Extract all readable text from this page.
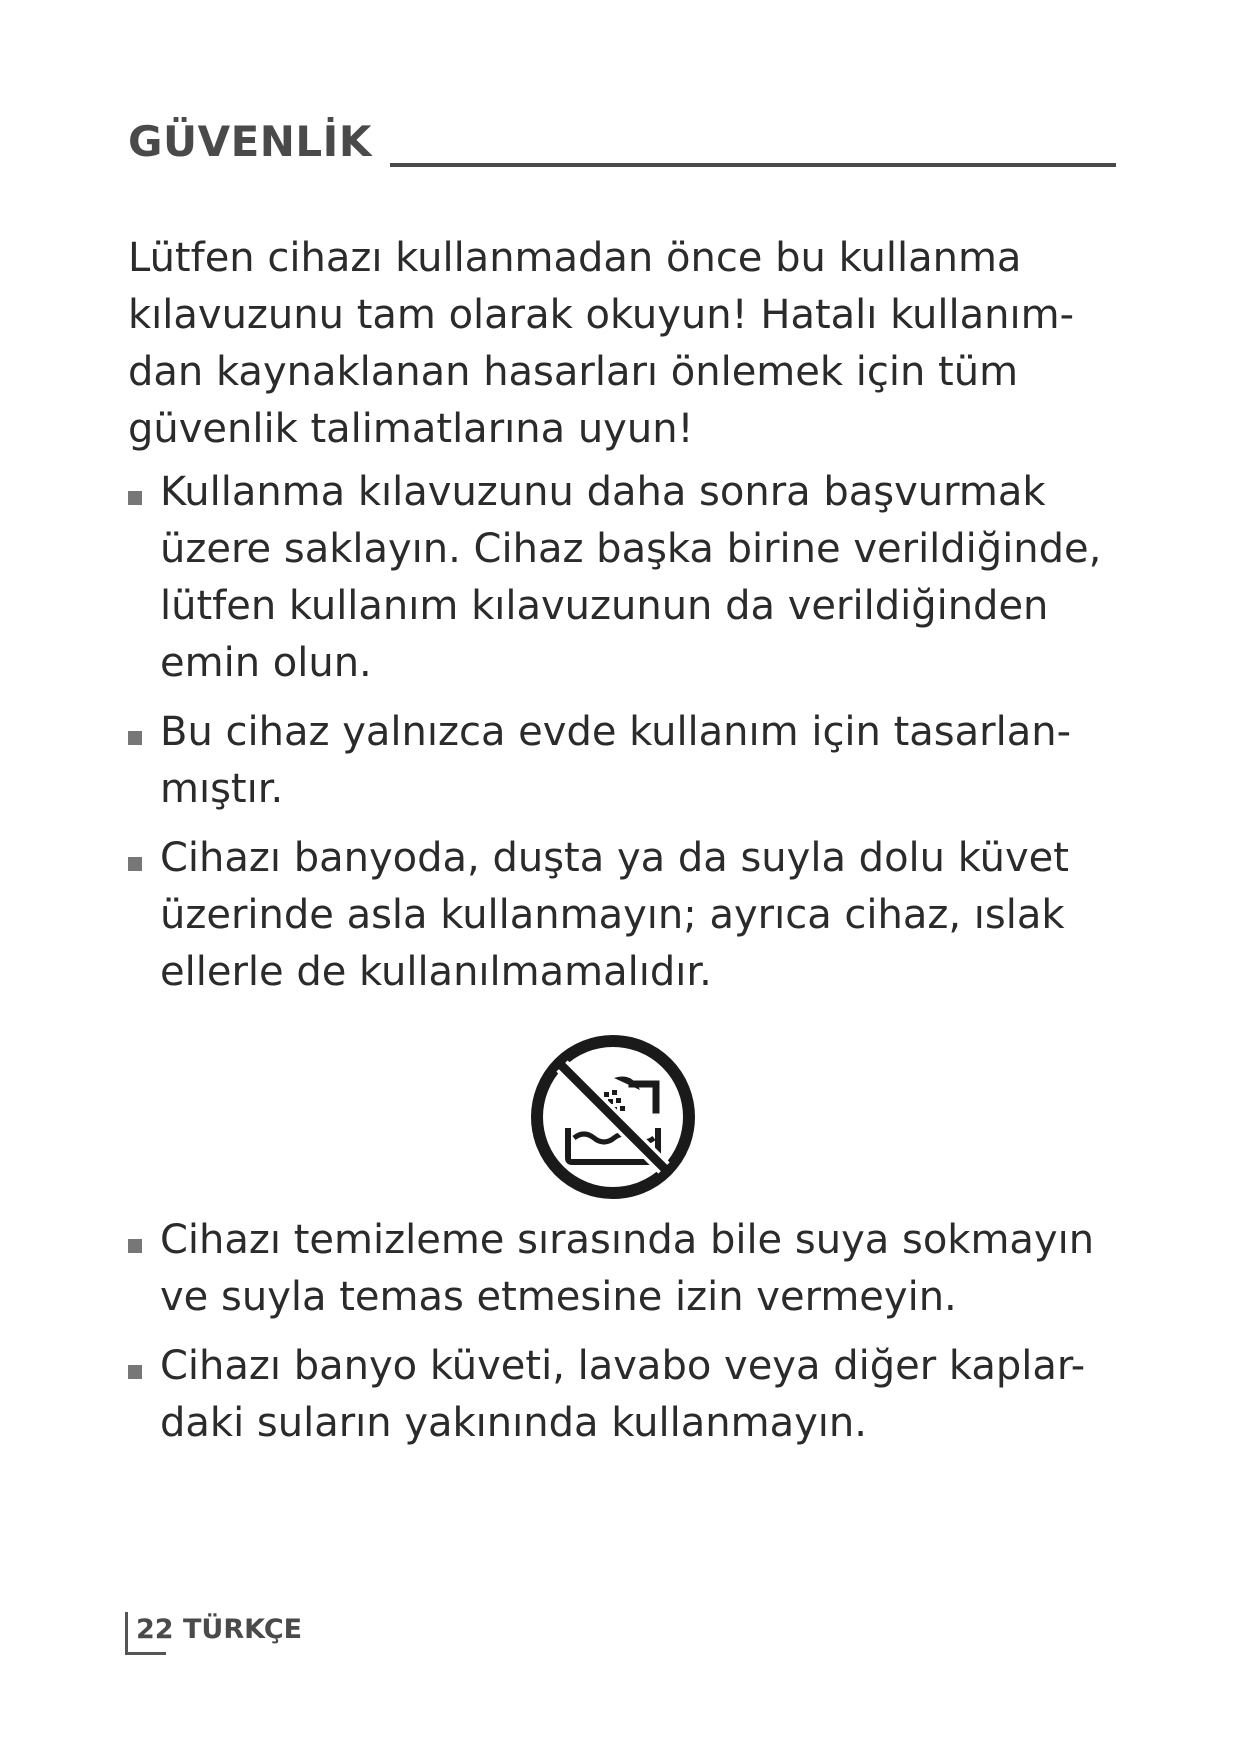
GÜVENLİK

Lütfen cihazı kullanmadan önce bu kullanma
kılavuzunu tam olarak okuyun! Hatalı kullanım-
dan kaynaklanan hasarları önlemek için tüm
güvenlik talimatlarına uyun!

Kullanma kılavuzunu daha sonra başvurmak
üzere saklayın. Cihaz başka birine verildiğinde,
lütfen kullanım kılavuzunun da verildiğinden
emin olun.
Bu cihaz yalnızca evde kullanım için tasarlan-
mıştır.
Cihazı banyoda, duşta ya da suyla dolu küvet
üzerinde asla kullanmayın; ayrıca cihaz, ıslak
ellerle de kullanılmamalıdır.
Cihazı temizleme sırasında bile suya sokmayın
ve suyla temas etmesine izin vermeyin.
Cihazı banyo küveti, lavabo veya diğer kaplar-
daki suların yakınında kullanmayın.
22 TÜRKÇE
